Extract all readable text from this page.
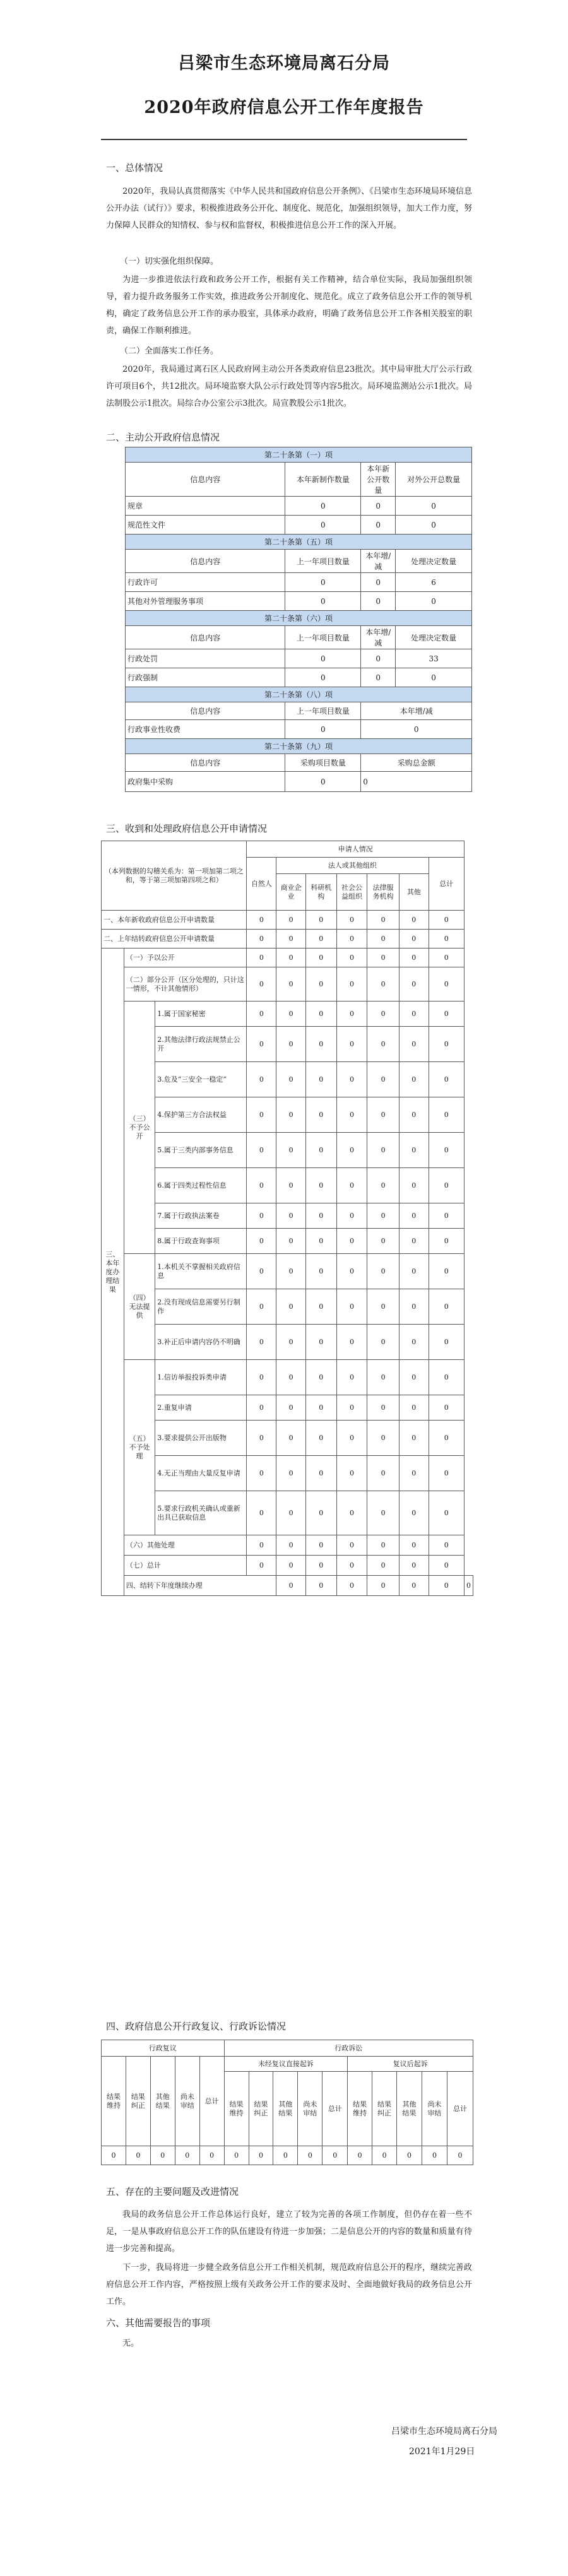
吕梁市生态环境局离石分局
2020年政府信息公开工作年度报告
一、总体情况
2020年，我局认真贯彻落实《中华人民共和国政府信息公开条例》、《吕梁市生态环境局环境信息公开办法（试行）》要求，积极推进政务公开化、制度化、规范化，加强组织领导，加大工作力度，努力保障人民群众的知情权、参与权和监督权，积极推进信息公开工作的深入开展。
（一）切实强化组织保障。
为进一步推进依法行政和政务公开工作，根据有关工作精神，结合单位实际，我局加强组织领导，着力提升政务服务工作实效，推进政务公开制度化、规范化。成立了政务信息公开工作的领导机构，确定了政务信息公开工作的承办股室，具体承办政府，明确了政务信息公开工作各相关股室的职责，确保工作顺利推进。
（二）全面落实工作任务。
2020年，我局通过离石区人民政府网主动公开各类政府信息23批次。其中局审批大厅公示行政许可项目6个，共12批次。局环境监察大队公示行政处罚等内容5批次。局环境监测站公示1批次。局法制股公示1批次。局综合办公室公示3批次。局宣教股公示1批次。
二、主动公开政府信息情况
第二十条第（一）项			
信息内容	本年新制作数量	本年新公开数量	对外公开总数量
规章	0	0	0
规范性文件	0	0	0
第二十条第（五）项			
信息内容	上一年项目数量	本年增/减	处理决定数量
行政许可	0	0	6
其他对外管理服务事项	0	0	0
第二十条第（六）项			
信息内容	上一年项目数量	本年增/减	处理决定数量
行政处罚	0	0	33
行政强制	0	0	0
第二十条第（八）项			
信息内容	上一年项目数量	本年增/减	
行政事业性收费	0	0	
第二十条第（九）项			
信息内容	采购项目数量	采购总金额	
政府集中采购	0	0	
三、收到和处理政府信息公开申请情况
（本列数据的勾稽关系为：第一项加第二项之和，等于第三项加第四项之和）			申请人情况							
			自然人	法人或其他组织					总计	
				商业企业	科研机构	社会公益组织	法律服务机构	其他		
一、本年新收政府信息公开申请数量			0	0	0	0	0	0	0	
二、上年结转政府信息公开申请数量			0	0	0	0	0	0	0	
三、本年度办理结果	（一）予以公开		0	0	0	0	0	0	0	
	（二）部分公开（区分处理的，只计这一情形，不计其他情形）		0	0	0	0	0	0	0	
	（三）不予公开	1.属于国家秘密	0	0	0	0	0	0	0	
		2.其他法律行政法规禁止公开	0	0	0	0	0	0	0	
		3.危及“三安全一稳定”	0	0	0	0	0	0	0	
		4.保护第三方合法权益	0	0	0	0	0	0	0	
		5.属于三类内部事务信息	0	0	0	0	0	0	0	
		6.属于四类过程性信息	0	0	0	0	0	0	0	
		7.属于行政执法案卷	0	0	0	0	0	0	0	
		8.属于行政查询事项	0	0	0	0	0	0	0	
	（四）无法提供	1.本机关不掌握相关政府信息	0	0	0	0	0	0	0	
		2.没有现成信息需要另行制作	0	0	0	0	0	0	0	
		3.补正后申请内容仍不明确	0	0	0	0	0	0	0	
	（五）不予处理	1.信访举报投诉类申请	0	0	0	0	0	0	0	
		2.重复申请	0	0	0	0	0	0	0	
		3.要求提供公开出版物	0	0	0	0	0	0	0	
		4.无正当理由大量反复申请	0	0	0	0	0	0	0	
		5.要求行政机关确认或重新出具已获取信息	0	0	0	0	0	0	0	
	（六）其他处理		0	0	0	0	0	0	0	
	（七）总计		0	0	0	0	0	0	0	
	四、结转下年度继续办理			0	0	0	0	0	0	0
四、政府信息公开行政复议、行政诉讼情况
行政复议					行政诉讼									
结果维持	结果纠正	其他结果	尚未审结	总计	未经复议直接起诉					复议后起诉				
					结果维持	结果纠正	其他结果	尚未审结	总计	结果维持	结果纠正	其他结果	尚未审结	总计
0	0	0	0	0	0	0	0	0	0	0	0	0	0	0
五、存在的主要问题及改进情况
我局的政务信息公开工作总体运行良好，建立了较为完善的各项工作制度，但仍存在着一些不足，一是从事政府信息公开工作的队伍建设有待进一步加强；二是信息公开的内容的数量和质量有待进一步完善和提高。
下一步，我局将进一步健全政务信息公开工作相关机制，规范政府信息公开的程序，继续完善政府信息公开工作内容，严格按照上级有关政务公开工作的要求及时、全面地做好我局的政务信息公开工作。
六、其他需要报告的事项
无。
吕梁市生态环境局离石分局
2021年1月29日
